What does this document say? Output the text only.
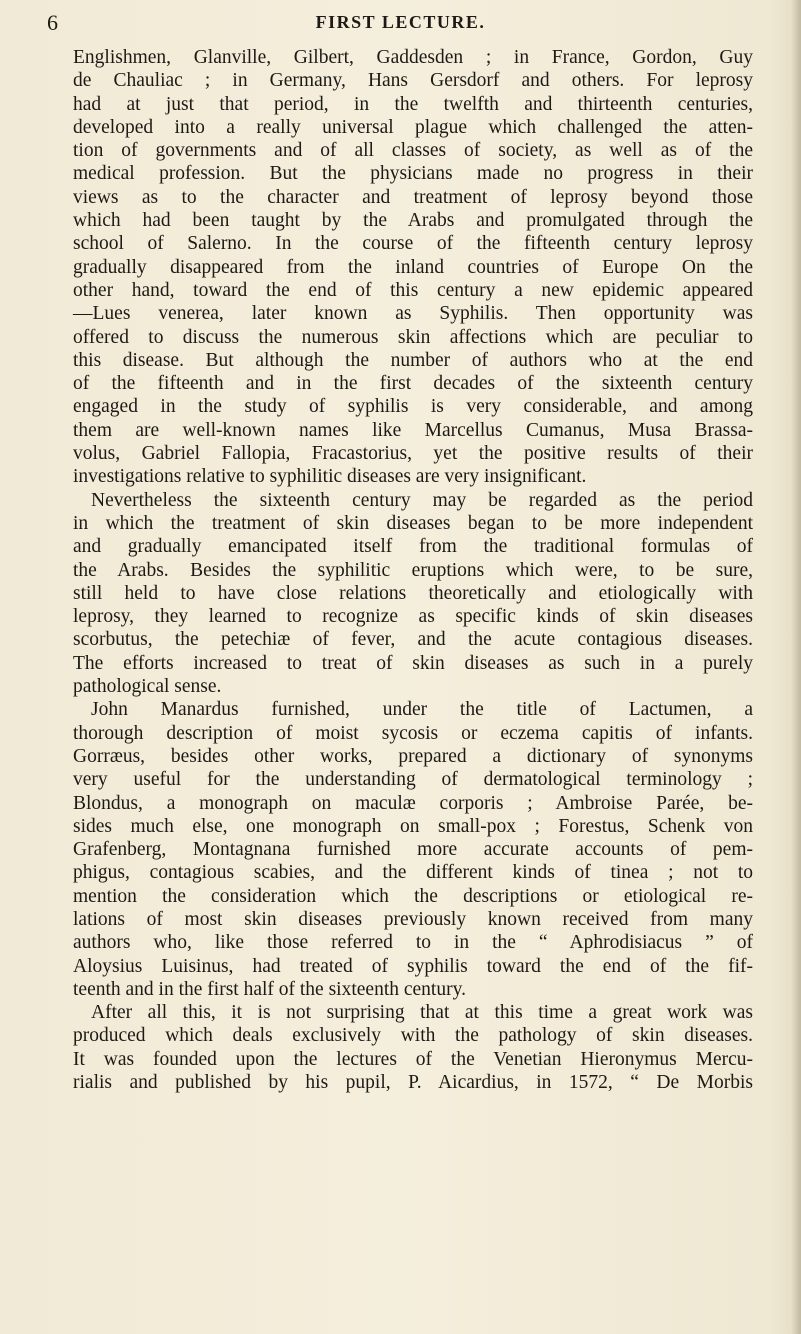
6	FIRST LECTURE.
Englishmen, Glanville, Gilbert, Gaddesden ; in France, Gordon, Guy
de Chauliac ; in Germany, Hans Gersdorf and others. For leprosy
had at just that period, in the twelfth and thirteenth centuries,
developed into a really universal plague which challenged the atten-
tion of governments and of all classes of society, as well as of the
medical profession. But the physicians made no progress in their
views as to the character and treatment of leprosy beyond those
which had been taught by the Arabs and promulgated through the
school of Salerno. In the course of the fifteenth century leprosy
gradually disappeared from the inland countries of Europe On the
other hand, toward the end of this century a new epidemic appeared
—Lues venerea, later known as Syphilis. Then opportunity was
offered to discuss the numerous skin affections which are peculiar to
this disease. But although the number of authors who at the end
of the fifteenth and in the first decades of the sixteenth century
engaged in the study of syphilis is very considerable, and among
them are well-known names like Marcellus Cumanus, Musa Brassa-
volus, Gabriel Fallopia, Fracastorius, yet the positive results of their
investigations relative to syphilitic diseases are very insignificant.
Nevertheless the sixteenth century may be regarded as the period
in which the treatment of skin diseases began to be more independent
and gradually emancipated itself from the traditional formulas of
the Arabs. Besides the syphilitic eruptions which were, to be sure,
still held to have close relations theoretically and etiologically with
leprosy, they learned to recognize as specific kinds of skin diseases
scorbutus, the petechiæ of fever, and the acute contagious diseases.
The efforts increased to treat of skin diseases as such in a purely
pathological sense.
John Manardus furnished, under the title of Lactumen, a
thorough description of moist sycosis or eczema capitis of infants.
Gorræus, besides other works, prepared a dictionary of synonyms
very useful for the understanding of dermatological terminology ;
Blondus, a monograph on maculæ corporis ; Ambroise Parée, be-
sides much else, one monograph on small-pox ; Forestus, Schenk von
Grafenberg, Montagnana furnished more accurate accounts of pem-
phigus, contagious scabies, and the different kinds of tinea ; not to
mention the consideration which the descriptions or etiological re-
lations of most skin diseases previously known received from many
authors who, like those referred to in the “ Aphrodisiacus ” of
Aloysius Luisinus, had treated of syphilis toward the end of the fif-
teenth and in the first half of the sixteenth century.
After all this, it is not surprising that at this time a great work was
produced which deals exclusively with the pathology of skin diseases.
It was founded upon the lectures of the Venetian Hieronymus Mercu-
rialis and published by his pupil, P. Aicardius, in 1572, “ De Morbis
